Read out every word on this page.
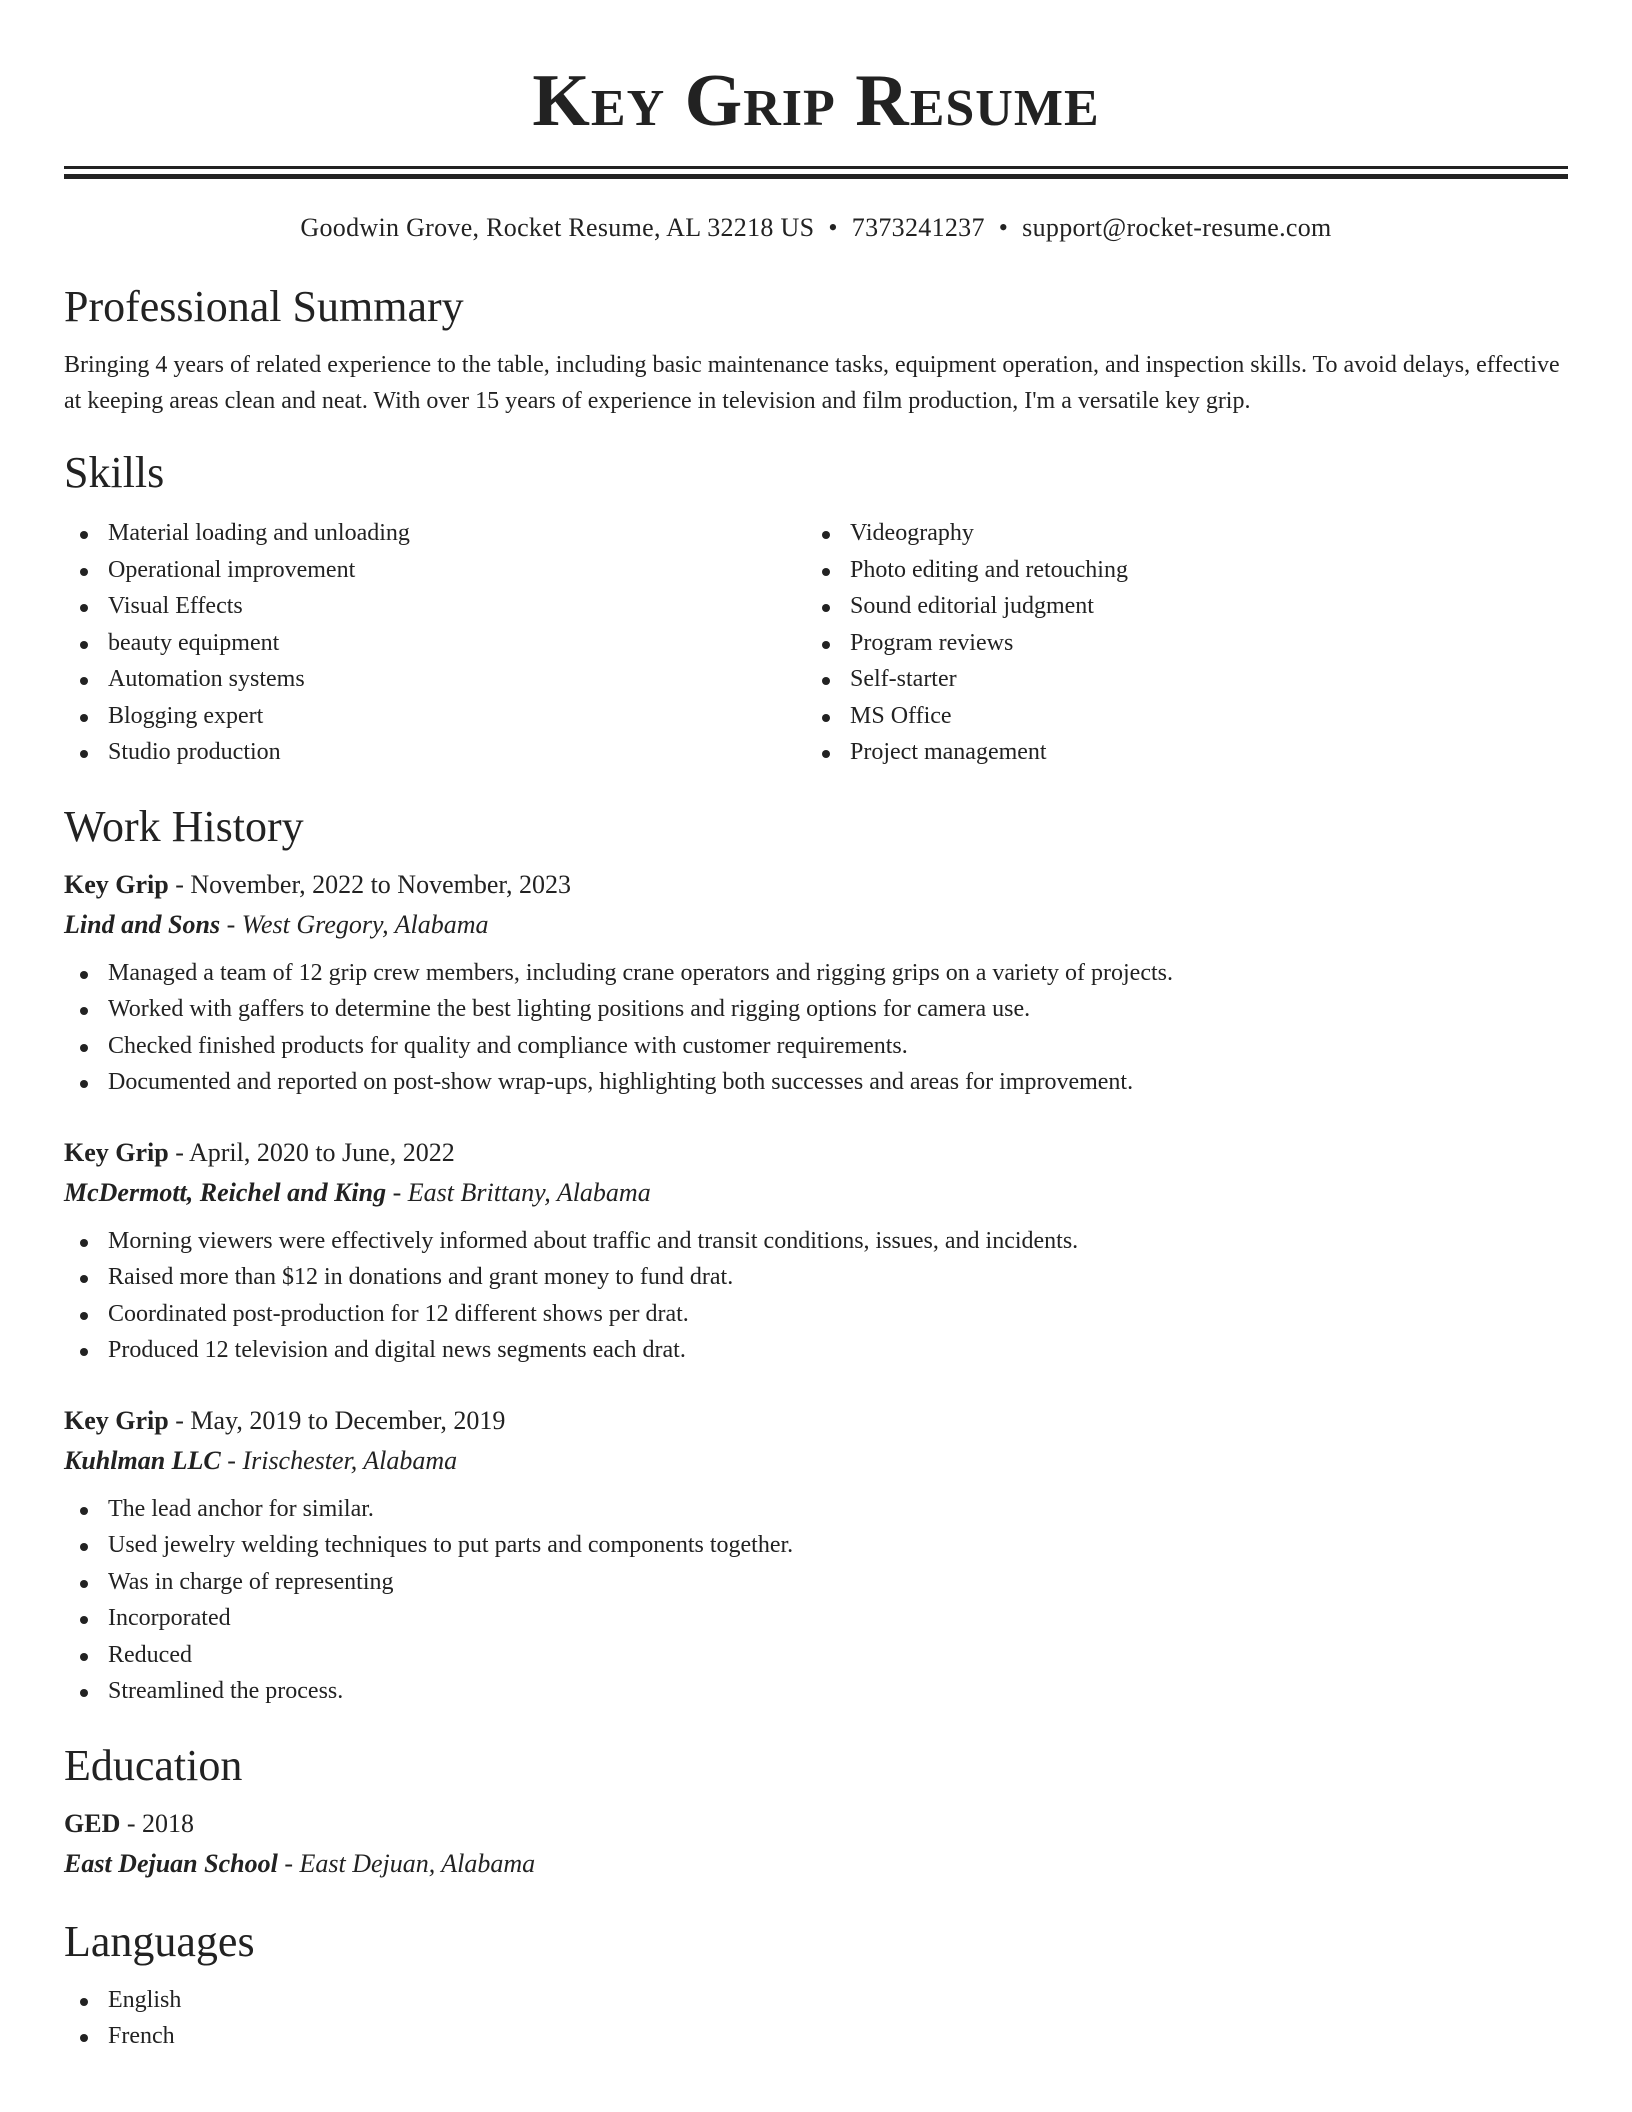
Key Grip Resume
Goodwin Grove, Rocket Resume, AL 32218 US • 7373241237 • support@rocket-resume.com
Professional Summary

Bringing 4 years of related experience to the table, including basic maintenance tasks, equipment operation, and inspection skills. To avoid delays, effective at keeping areas clean and neat. With over 15 years of experience in television and film production, I'm a versatile key grip.

Skills
Material loading and unloading
Operational improvement
Visual Effects
beauty equipment
Automation systems
Blogging expert
Studio production
Videography
Photo editing and retouching
Sound editorial judgment
Program reviews
Self-starter
MS Office
Project management
Work History
Key Grip - November, 2022 to November, 2023
Lind and Sons - West Gregory, Alabama
Managed a team of 12 grip crew members, including crane operators and rigging grips on a variety of projects.
Worked with gaffers to determine the best lighting positions and rigging options for camera use.
Checked finished products for quality and compliance with customer requirements.
Documented and reported on post-show wrap-ups, highlighting both successes and areas for improvement.
Key Grip - April, 2020 to June, 2022
McDermott, Reichel and King - East Brittany, Alabama
Morning viewers were effectively informed about traffic and transit conditions, issues, and incidents.
Raised more than $12 in donations and grant money to fund drat.
Coordinated post-production for 12 different shows per drat.
Produced 12 television and digital news segments each drat.
Key Grip - May, 2019 to December, 2019
Kuhlman LLC - Irischester, Alabama
The lead anchor for similar.
Used jewelry welding techniques to put parts and components together.
Was in charge of representing
Incorporated
Reduced
Streamlined the process.
Education
GED - 2018
East Dejuan School - East Dejuan, Alabama
Languages
English
French
